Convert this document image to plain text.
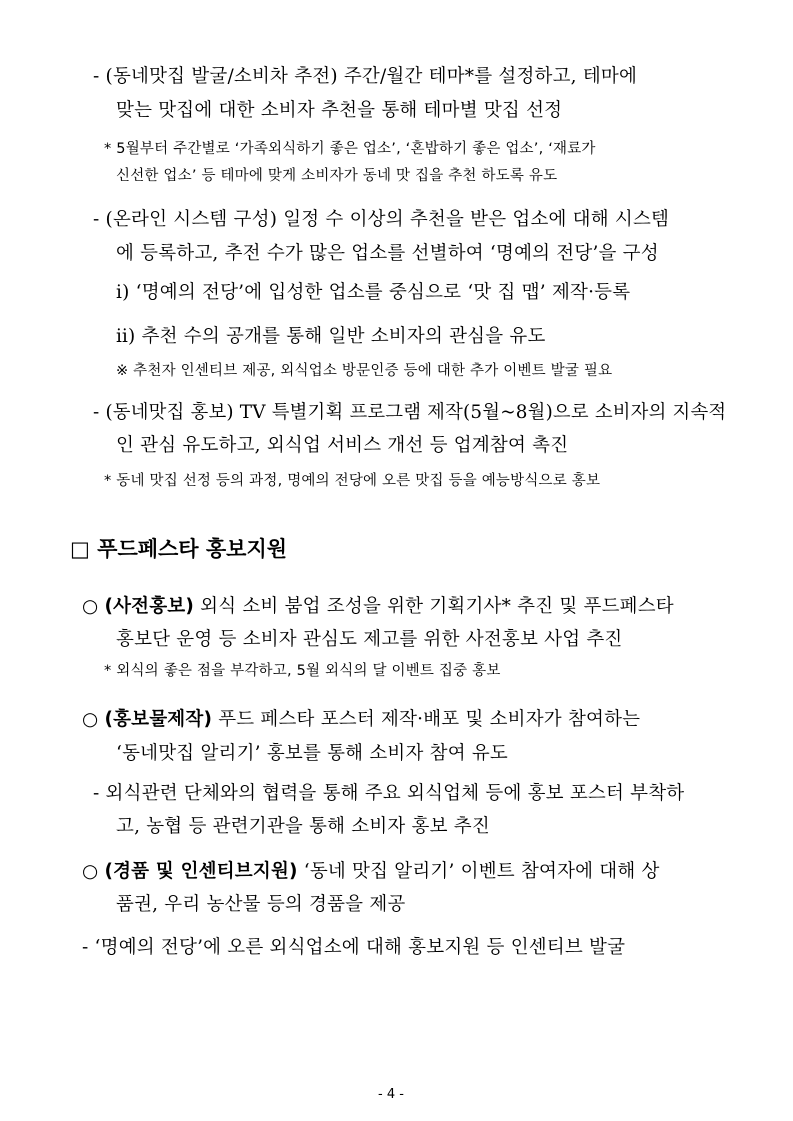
- (동네맛집 발굴/소비차 추전) 주간/월간 테마*를 설정하고, 테마에
맞는 맛집에 대한 소비자 추천을 통해 테마별 맛집 선정
* 5월부터 주간별로 ‘가족외식하기 좋은 업소’, ‘혼밥하기 좋은 업소’, ‘재료가
신선한 업소’ 등 테마에 맞게 소비자가 동네 맛 집을 추천 하도록 유도
- (온라인 시스템 구성) 일정 수 이상의 추천을 받은 업소에 대해 시스템
에 등록하고, 추전 수가 많은 업소를 선별하여 ‘명예의 전당’을 구성
ⅰ) ‘명예의 전당’에 입성한 업소를 중심으로 ‘맛 집 맵’ 제작·등록
ⅱ) 추천 수의 공개를 통해 일반 소비자의 관심을 유도
※ 추천자 인센티브 제공, 외식업소 방문인증 등에 대한 추가 이벤트 발굴 필요
- (동네맛집 홍보) TV 특별기획 프로그램 제작(5월~8월)으로 소비자의 지속적
인 관심 유도하고, 외식업 서비스 개선 등 업계참여 촉진
* 동네 맛집 선정 등의 과정, 명예의 전당에 오른 맛집 등을 예능방식으로 홍보
□ 푸드페스타 홍보지원
○ (사전홍보) 외식 소비 붐업 조성을 위한 기획기사* 추진 및 푸드페스타
홍보단 운영 등 소비자 관심도 제고를 위한 사전홍보 사업 추진
* 외식의 좋은 점을 부각하고, 5월 외식의 달 이벤트 집중 홍보
○ (홍보물제작) 푸드 페스타 포스터 제작·배포 및 소비자가 참여하는
‘동네맛집 알리기’ 홍보를 통해 소비자 참여 유도
- 외식관련 단체와의 협력을 통해 주요 외식업체 등에 홍보 포스터 부착하
고, 농협 등 관련기관을 통해 소비자 홍보 추진
○ (경품 및 인센티브지원) ‘동네 맛집 알리기’ 이벤트 참여자에 대해 상
품권, 우리 농산물 등의 경품을 제공
- ‘명예의 전당’에 오른 외식업소에 대해 홍보지원 등 인센티브 발굴
- 4 -
